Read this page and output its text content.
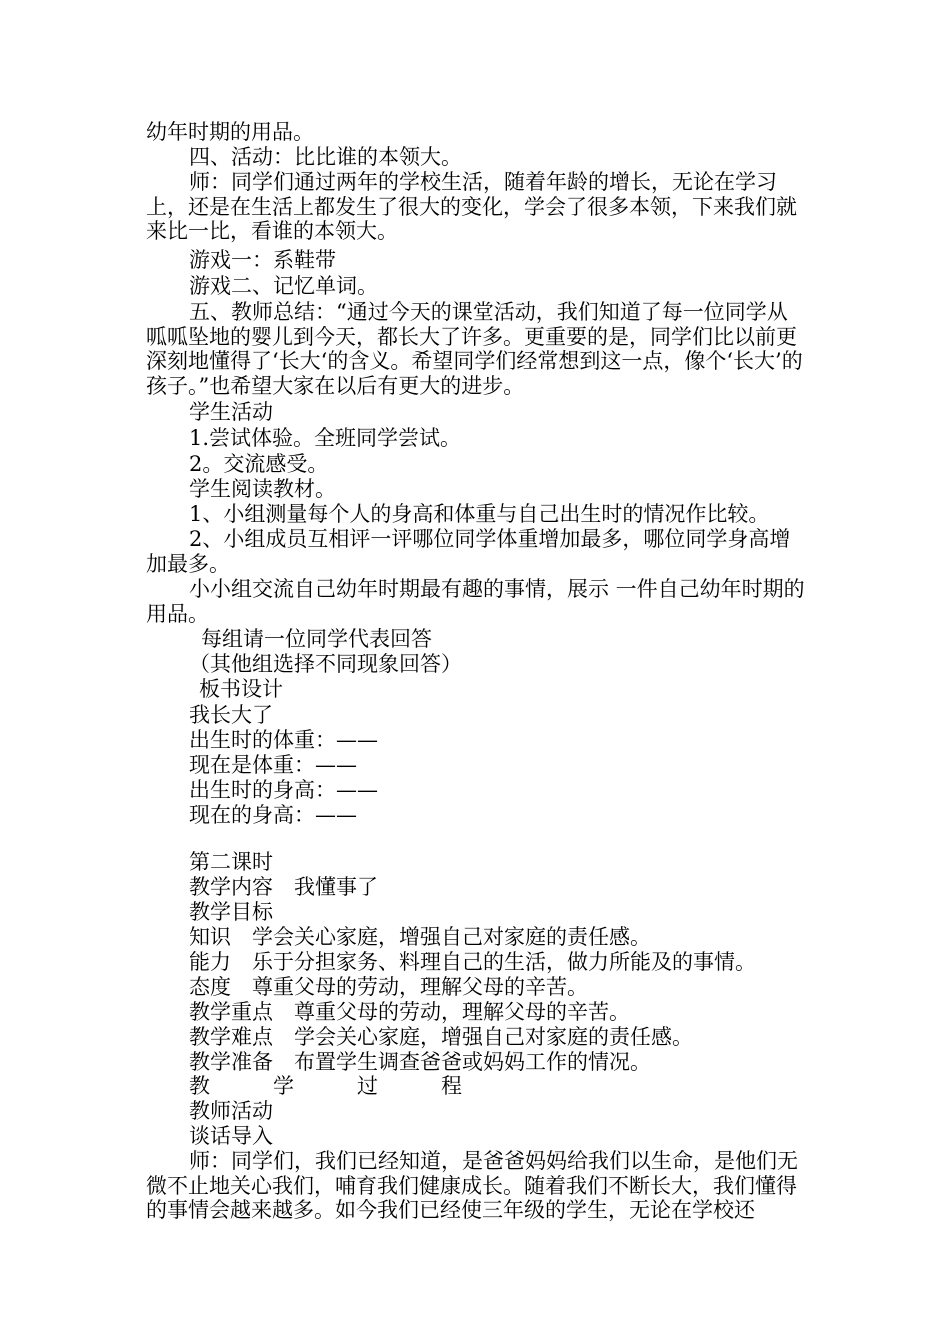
幼年时期的用品。
四、活动：比比谁的本领大。
师：同学们通过两年的学校生活，随着年龄的增长，无论在学习上，还是在生活上都发生了很大的变化，学会了很多本领，下来我们就来比一比，看谁的本领大。
游戏一：系鞋带
游戏二、记忆单词。
五、教师总结：“通过今天的课堂活动，我们知道了每一位同学从呱呱坠地的婴儿到今天，都长大了许多。更重要的是，同学们比以前更深刻地懂得了‘长大‘的含义。希望同学们经常想到这一点，像个‘长大’的孩子。”也希望大家在以后有更大的进步。
学生活动
1.尝试体验。全班同学尝试。
2。交流感受。
学生阅读教材。
1、小组测量每个人的身高和体重与自己出生时的情况作比较。
2、小组成员互相评一评哪位同学体重增加最多，哪位同学身高增加最多。
小小组交流自己幼年时期最有趣的事情，展示 一件自己幼年时期的用品。
每组请一位同学代表回答
（其他组选择不同现象回答）
板书设计
我长大了
出生时的体重：——
现在是体重：——
出生时的身高：——
现在的身高：——
第二课时
教学内容　我懂事了
教学目标
知识　学会关心家庭，增强自己对家庭的责任感。
能力　乐于分担家务、料理自己的生活，做力所能及的事情。
态度　尊重父母的劳动，理解父母的辛苦。
教学重点　尊重父母的劳动，理解父母的辛苦。
教学难点　学会关心家庭，增强自己对家庭的责任感。
教学准备　布置学生调查爸爸或妈妈工作的情况。
教　　　学　　　过　　　程
教师活动
谈话导入
师：同学们，我们已经知道，是爸爸妈妈给我们以生命，是他们无微不止地关心我们，哺育我们健康成长。随着我们不断长大，我们懂得的事情会越来越多。如今我们已经使三年级的学生，无论在学校还
